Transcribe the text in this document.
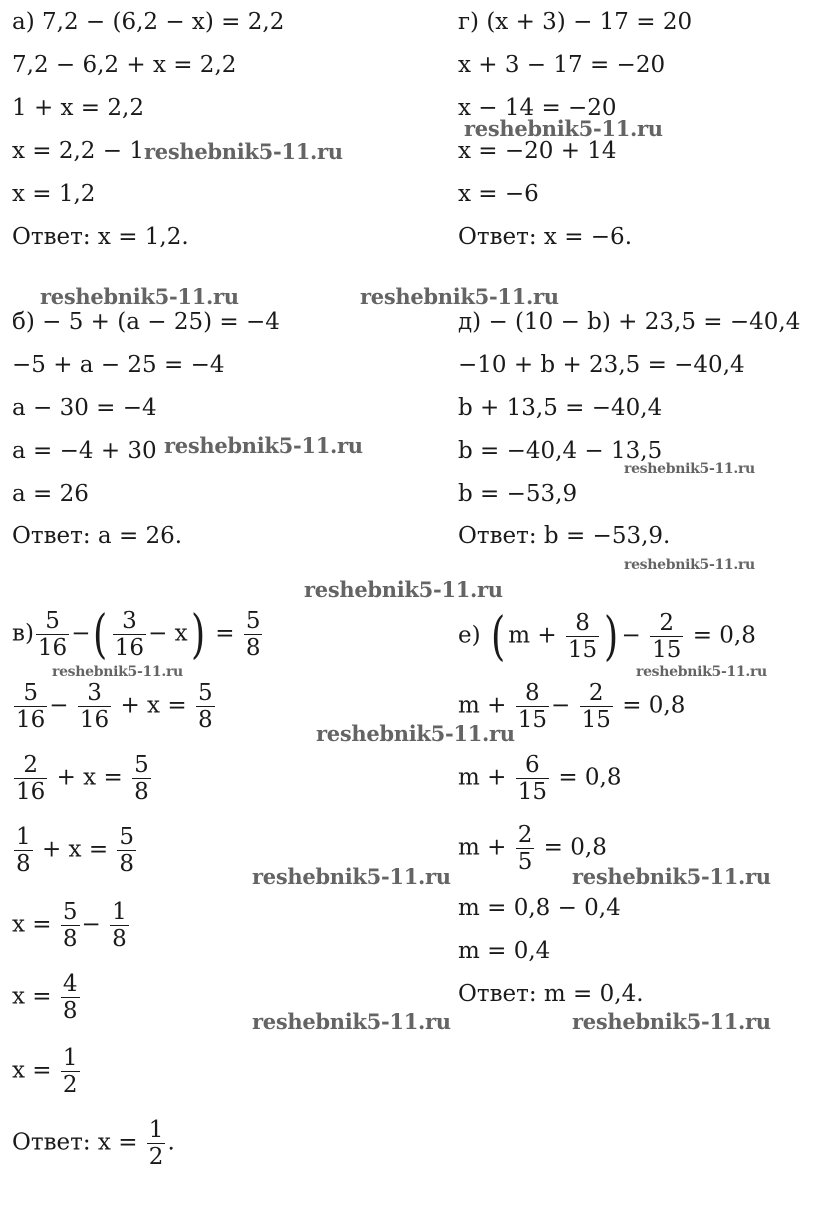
а) 7,2 − (6,2 − x) = 2,2
7,2 − 6,2 + x = 2,2
1 + x = 2,2
x = 2,2 − 1
x = 1,2
Ответ: x = 1,2.
г) (x + 3) − 17 = 20
x + 3 − 17 = −20
x − 14 = −20
x = −20 + 14
x = −6
Ответ: x = −6.
б) − 5 + (a − 25) = −4
−5 + a − 25 = −4
a − 30 = −4
a = −4 + 30
a = 26
Ответ: a = 26.
д) − (10 − b) + 23,5 = −40,4
−10 + b + 23,5 = −40,4
b + 13,5 = −40,4
b = −40,4 − 13,5
b = −53,9
Ответ: b = −53,9.
$в) \frac{5}{16}$ −( $\frac{3}{16} - x) = \frac{5}{8}$
$\frac{5}{16} - \frac{3}{16} + x = \frac{5}{8}$
$\frac{2}{16} + x = \frac{5}{8}$
$\frac{1}{8} + x = \frac{5}{8}$
$x = \frac{5}{8} - \frac{1}{8}$
$x = \frac{4}{8}$
$x = \frac{1}{2}$
Ответ: $x = \frac{1}{2}$ .
е) ( $m + \frac{8}{15}$ ) − $\frac{2}{15} = 0,8$
$m + \frac{8}{15} - \frac{2}{15} = 0,8$
$m + \frac{6}{15} = 0,8$
$m + \frac{2}{5} = 0,8$
m = 0,8 − 0,4
m = 0,4
Ответ: m = 0,4.
reshebnik5-11.ru
reshebnik5-11.ru
reshebnik5-11.ru	reshebnik5-11.ru
reshebnik5-11.ru
reshebnik5-11.ru
reshebnik5-11.ru
reshebnik5-11.ru
reshebnik5-11.ru	reshebnik5-11.ru
reshebnik5-11.ru
reshebnik5-11.ru	reshebnik5-11.ru
reshebnik5-11.ru	reshebnik5-11.ru
